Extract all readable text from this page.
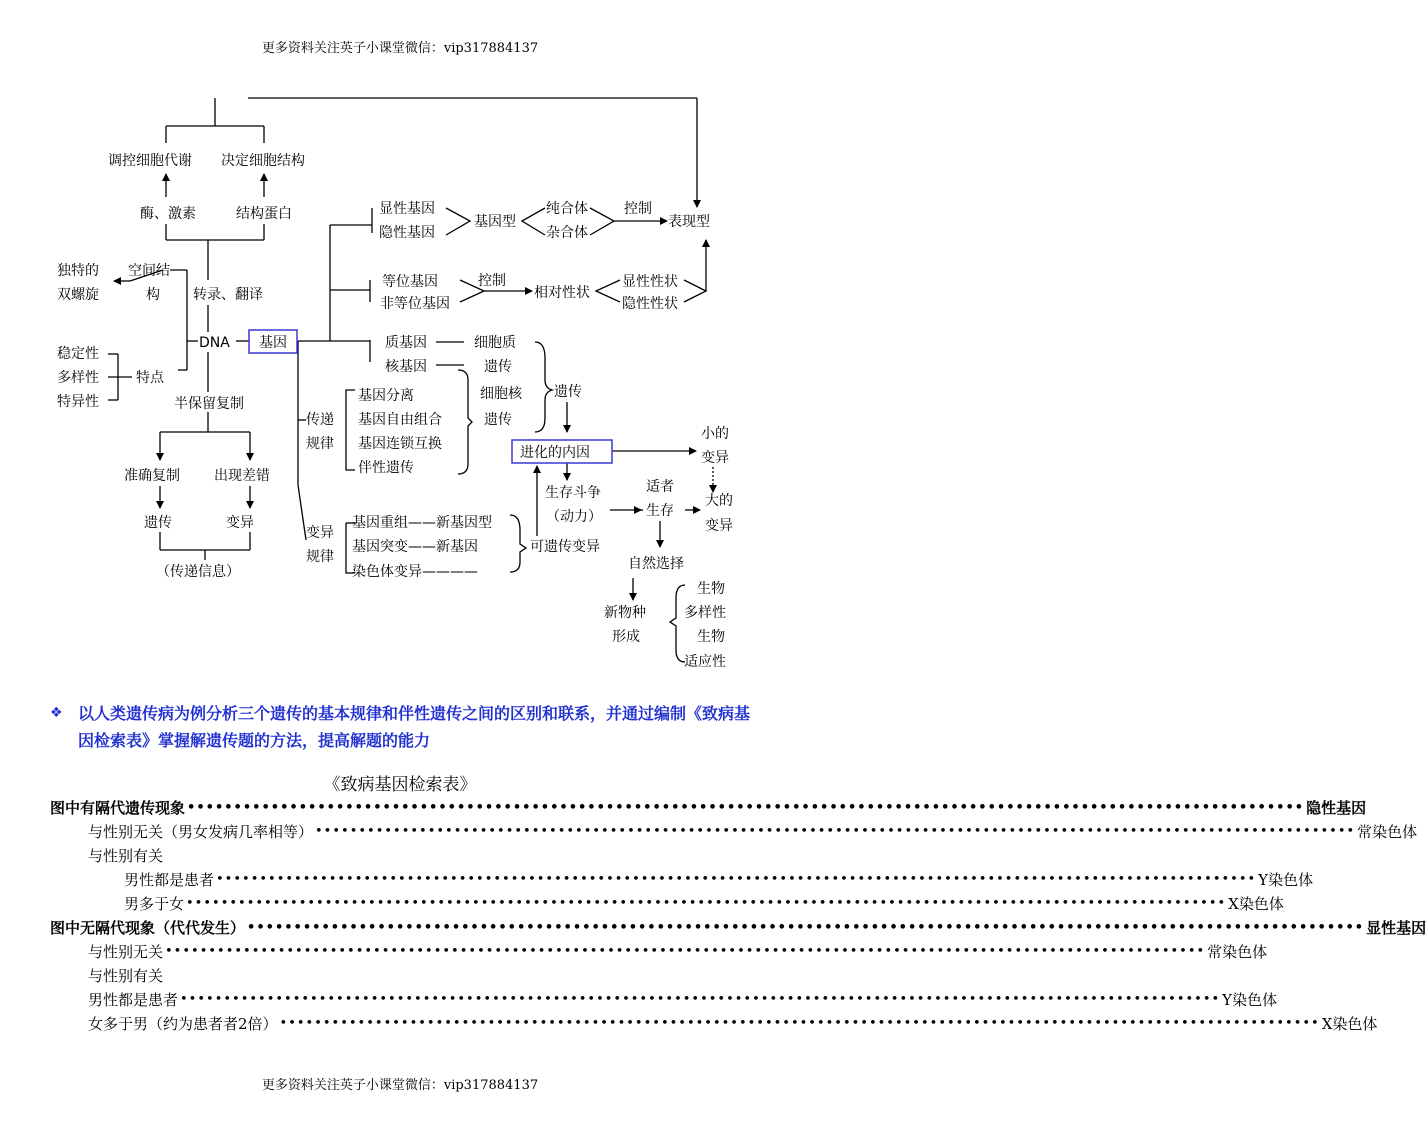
更多资料关注英子小课堂微信：vip317884137
调控细胞代谢 决定细胞结构
酶、激素	结构蛋白
独特的
双螺旋
空间结
构 转录、翻译
DNA 基因
稳定性
多样性
特异性
特点
半保留复制
准确复制 出现差错
遗传	变异
（传递信息）
显性基因
隐性基因
基因型
纯合体
杂合体
控制
表现型
等位基因
非等位基因
控制
相对性状
显性性状
隐性性状
质基因	细胞质
遗传
核基因
细胞核
遗传
遗传
传递
规律
基因分离
基因自由组合
基因连锁互换
伴性遗传
进化的内因
小的
变异
生存斗争
（动力）
适者
生存
大的
变异
变异
规律
基因重组——新基因型
基因突变——新基因
染色体变异————
可遗传变异
自然选择
新物种
形成
生物
多样性
生物
适应性
❖ 以人类遗传病为例分析三个遗传的基本规律和伴性遗传之间的区别和联系，并通过编制《致病基因检索表》掌握解遗传题的方法，提高解题的能力
《致病基因检索表》
图中有隔代遗传现象 •••••••••••••••••••••••••••••••••••••••••••••••••••••••••••••••••••••••••••••••••••••••••••••••••••••••••••••••••••••••• 隐性基因
与性别无关（男女发病几率相等） •••••••••••••••••••••••••••••••••••••••••••••••••••••••••••••••••••••••••••••••••••••••••••••••••••••••••••••••••••••••• 常染色体
与性别有关
男性都是患者 •••••••••••••••••••••••••••••••••••••••••••••••••••••••••••••••••••••••••••••••••••••••••••••••••••••••••••••••••••••••• Y染色体
男多于女 •••••••••••••••••••••••••••••••••••••••••••••••••••••••••••••••••••••••••••••••••••••••••••••••••••••••••••••••••••••••• X染色体
图中无隔代现象（代代发生） •••••••••••••••••••••••••••••••••••••••••••••••••••••••••••••••••••••••••••••••••••••••••••••••••••••••••••••••••••••••• 显性基因
与性别无关 •••••••••••••••••••••••••••••••••••••••••••••••••••••••••••••••••••••••••••••••••••••••••••••••••••••••••••••••••••••••• 常染色体
与性别有关
男性都是患者 •••••••••••••••••••••••••••••••••••••••••••••••••••••••••••••••••••••••••••••••••••••••••••••••••••••••••••••••••••••••• Y染色体
女多于男（约为患者者2倍） •••••••••••••••••••••••••••••••••••••••••••••••••••••••••••••••••••••••••••••••••••••••••••••••••••••••••••••••••••••••• X染色体
更多资料关注英子小课堂微信：vip317884137
